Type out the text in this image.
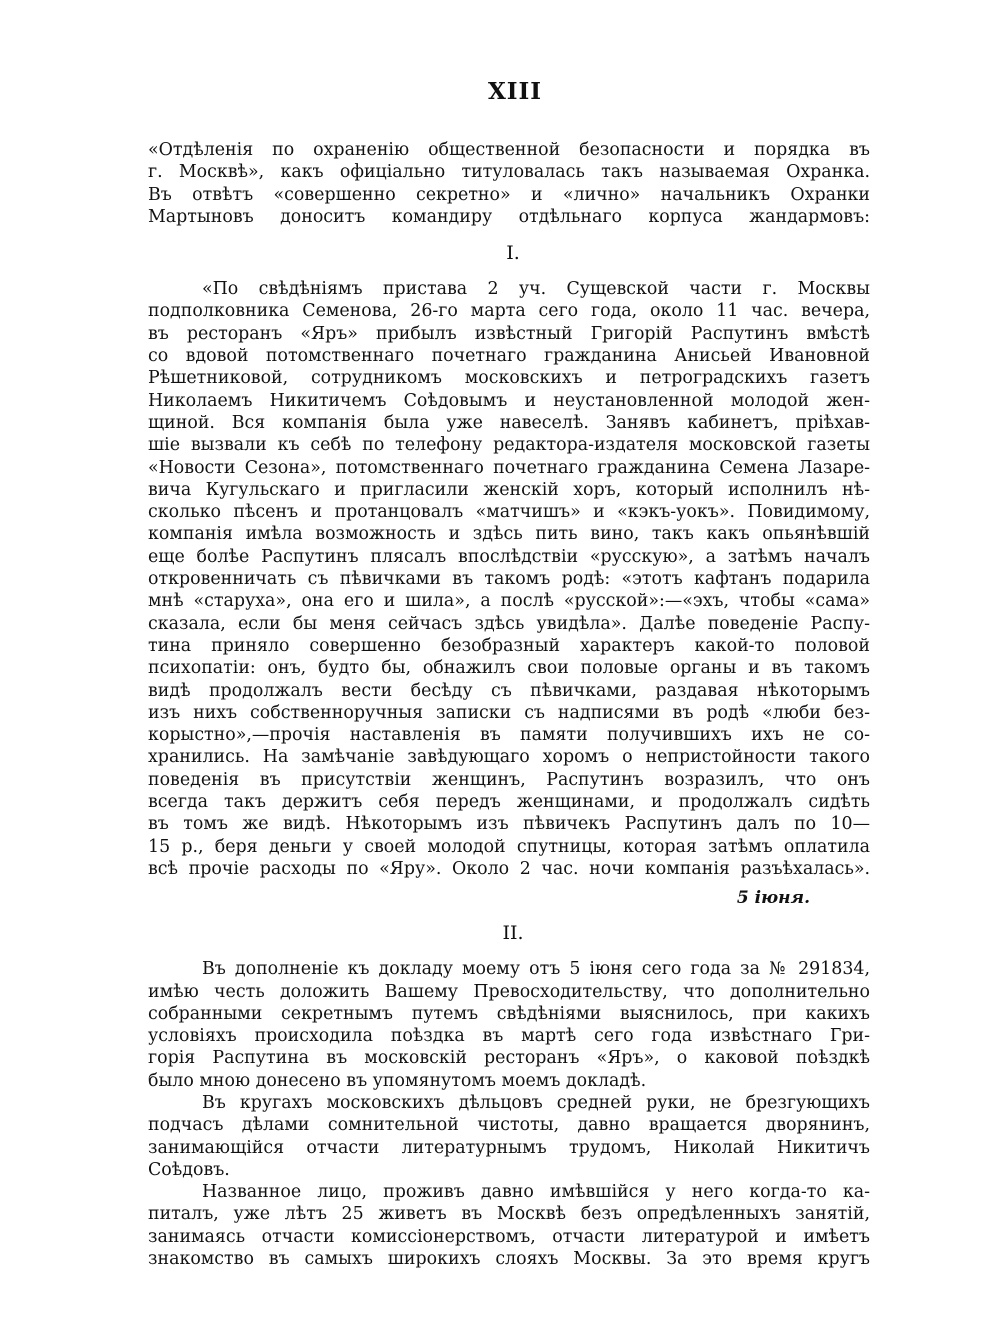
XIII

«Отдѣленія по охраненію общественной безопасности и порядка въ
г. Москвѣ», какъ офиціально титуловалась такъ называемая Охранка.
Въ отвѣтъ «совершенно секретно» и «лично» начальникъ Охранки
Мартыновъ доноситъ командиру отдѣльнаго корпуса жандармовъ:

I.

«По свѣдѣніямъ пристава 2 уч. Сущевской части г. Москвы
подполковника Семенова, 26-го марта сего года, около 11 час. вечера,
въ ресторанъ «Яръ» прибылъ извѣстный Григорій Распутинъ вмѣстѣ
со вдовой потомственнаго почетнаго гражданина Анисьей Ивановной
Рѣшетниковой, сотрудникомъ московскихъ и петроградскихъ газетъ
Николаемъ Никитичемъ Соѣдовымъ и неустановленной молодой жен-
щиной. Вся компанія была уже навеселѣ. Занявъ кабинетъ, пріѣхав-
шіе вызвали къ себѣ по телефону редактора-издателя московской газеты
«Новости Сезона», потомственнаго почетнаго гражданина Семена Лазаре-
вича Кугульскаго и пригласили женскій хоръ, который исполнилъ нѣ-
сколько пѣсенъ и протанцовалъ «матчишъ» и «кэкъ-уокъ». Повидимому,
компанія имѣла возможность и здѣсь пить вино, такъ какъ опьянѣвшій
еще болѣе Распутинъ плясалъ впослѣдствіи «русскую», а затѣмъ началъ
откровенничать съ пѣвичками въ такомъ родѣ: «этотъ кафтанъ подарила
мнѣ «старуха», она его и шила», а послѣ «русской»:—«эхъ, чтобы «сама»
сказала, если бы меня сейчасъ здѣсь увидѣла». Далѣе поведеніе Распу-
тина приняло совершенно безобразный характеръ какой-то половой
психопатіи: онъ, будто бы, обнажилъ свои половые органы и въ такомъ
видѣ продолжалъ вести бесѣду съ пѣвичками, раздавая нѣкоторымъ
изъ нихъ собственноручныя записки съ надписями въ родѣ «люби без-
корыстно»,—прочія наставленія въ памяти получившихъ ихъ не со-
хранились. На замѣчаніе завѣдующаго хоромъ о непристойности такого
поведенія въ присутствіи женщинъ, Распутинъ возразилъ, что онъ
всегда такъ держитъ себя передъ женщинами, и продолжалъ сидѣть
въ томъ же видѣ. Нѣкоторымъ изъ пѣвичекъ Распутинъ далъ по 10—
15 р., беря деньги у своей молодой спутницы, которая затѣмъ оплатила
всѣ прочіе расходы по «Яру». Около 2 час. ночи компанія разъѣхалась».

5 іюня.
II.

Въ дополненіе къ докладу моему отъ 5 іюня сего года за № 291834,
имѣю честь доложить Вашему Превосходительству, что дополнительно
собранными секретнымъ путемъ свѣдѣніями выяснилось, при какихъ
условіяхъ происходила поѣздка въ мартѣ сего года извѣстнаго Гри-
горія Распутина въ московскій ресторанъ «Яръ», о каковой поѣздкѣ
было мною донесено въ упомянутомъ моемъ докладѣ.

Въ кругахъ московскихъ дѣльцовъ средней руки, не брезгующихъ
подчасъ дѣлами сомнительной чистоты, давно вращается дворянинъ,
занимающійся отчасти литературнымъ трудомъ, Николай Никитичъ
Соѣдовъ.

Названное лицо, проживъ давно имѣвшійся у него когда-то ка-
питалъ, уже лѣтъ 25 живетъ въ Москвѣ безъ опредѣленныхъ занятій,
занимаясь отчасти комиссіонерствомъ, отчасти литературой и имѣетъ
знакомство въ самыхъ широкихъ слояхъ Москвы. За это время кругъ
